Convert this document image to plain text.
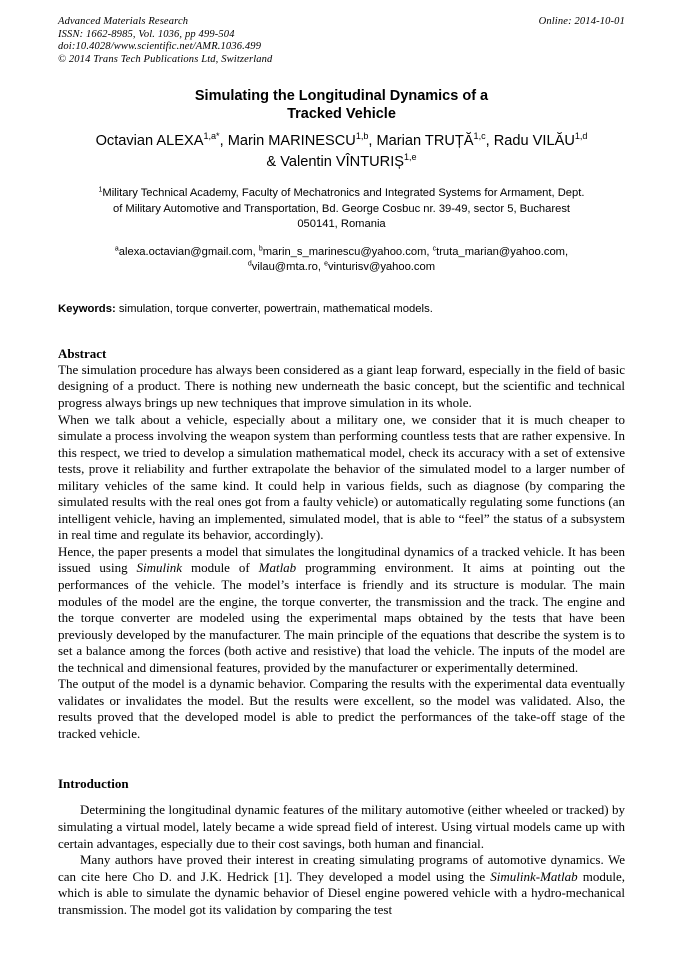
Advanced Materials Research
ISSN: 1662-8985, Vol. 1036, pp 499-504
doi:10.4028/www.scientific.net/AMR.1036.499
© 2014 Trans Tech Publications Ltd, Switzerland
Online: 2014-10-01
Simulating the Longitudinal Dynamics of a
Tracked Vehicle
Octavian $ALEXA^{1,a*}$, Marin MARINESCU$^{1,b}$, Marian TRUȚĂ$^{1,c}$, Radu VILĂU$^{1,d}$
& Valentin VÎNTURIȘ$^{1,e}$
$^1$Military Technical Academy, Faculty of Mechatronics and Integrated Systems for Armament, Dept.
of Military Automotive and Transportation, Bd. George Cosbuc nr. 39-49, sector 5, Bucharest
050141, Romania
$^a$alexa.octavian@gmail.com, $^b$marin_s_marinescu@yahoo.com, $^c$truta_marian@yahoo.com,
$^d$vilau@mta.ro, $^e$vinturisv@yahoo.com
Keywords: simulation, torque converter, powertrain, mathematical models.
Abstract

The simulation procedure has always been considered as a giant leap forward, especially in the field of basic designing of a product. There is nothing new underneath the basic concept, but the scientific and technical progress always brings up new techniques that improve simulation in its whole.

When we talk about a vehicle, especially about a military one, we consider that it is much cheaper to simulate a process involving the weapon system than performing countless tests that are rather expensive. In this respect, we tried to develop a simulation mathematical model, check its accuracy with a set of extensive tests, prove it reliability and further extrapolate the behavior of the simulated model to a larger number of military vehicles of the same kind. It could help in various fields, such as diagnose (by comparing the simulated results with the real ones got from a faulty vehicle) or automatically regulating some functions (an intelligent vehicle, having an implemented, simulated model, that is able to “feel” the status of a subsystem in real time and regulate its behavior, accordingly).

Hence, the paper presents a model that simulates the longitudinal dynamics of a tracked vehicle. It has been issued using Simulink module of Matlab programming environment. It aims at pointing out the performances of the vehicle. The model’s interface is friendly and its structure is modular. The main modules of the model are the engine, the torque converter, the transmission and the track. The engine and the torque converter are modeled using the experimental maps obtained by the tests that have been previously developed by the manufacturer. The main principle of the equations that describe the system is to set a balance among the forces (both active and resistive) that load the vehicle. The inputs of the model are the technical and dimensional features, provided by the manufacturer or experimentally determined.

The output of the model is a dynamic behavior. Comparing the results with the experimental data eventually validates or invalidates the model. But the results were excellent, so the model was validated. Also, the results proved that the developed model is able to predict the performances of the take-off stage of the tracked vehicle.

Introduction

Determining the longitudinal dynamic features of the military automotive (either wheeled or tracked) by simulating a virtual model, lately became a wide spread field of interest. Using virtual models came up with certain advantages, especially due to their cost savings, both human and financial.

Many authors have proved their interest in creating simulating programs of automotive dynamics. We can cite here Cho D. and J.K. Hedrick [1]. They developed a model using the Simulink-Matlab module, which is able to simulate the dynamic behavior of Diesel engine powered vehicle with a hydro-mechanical transmission. The model got its validation by comparing the test
